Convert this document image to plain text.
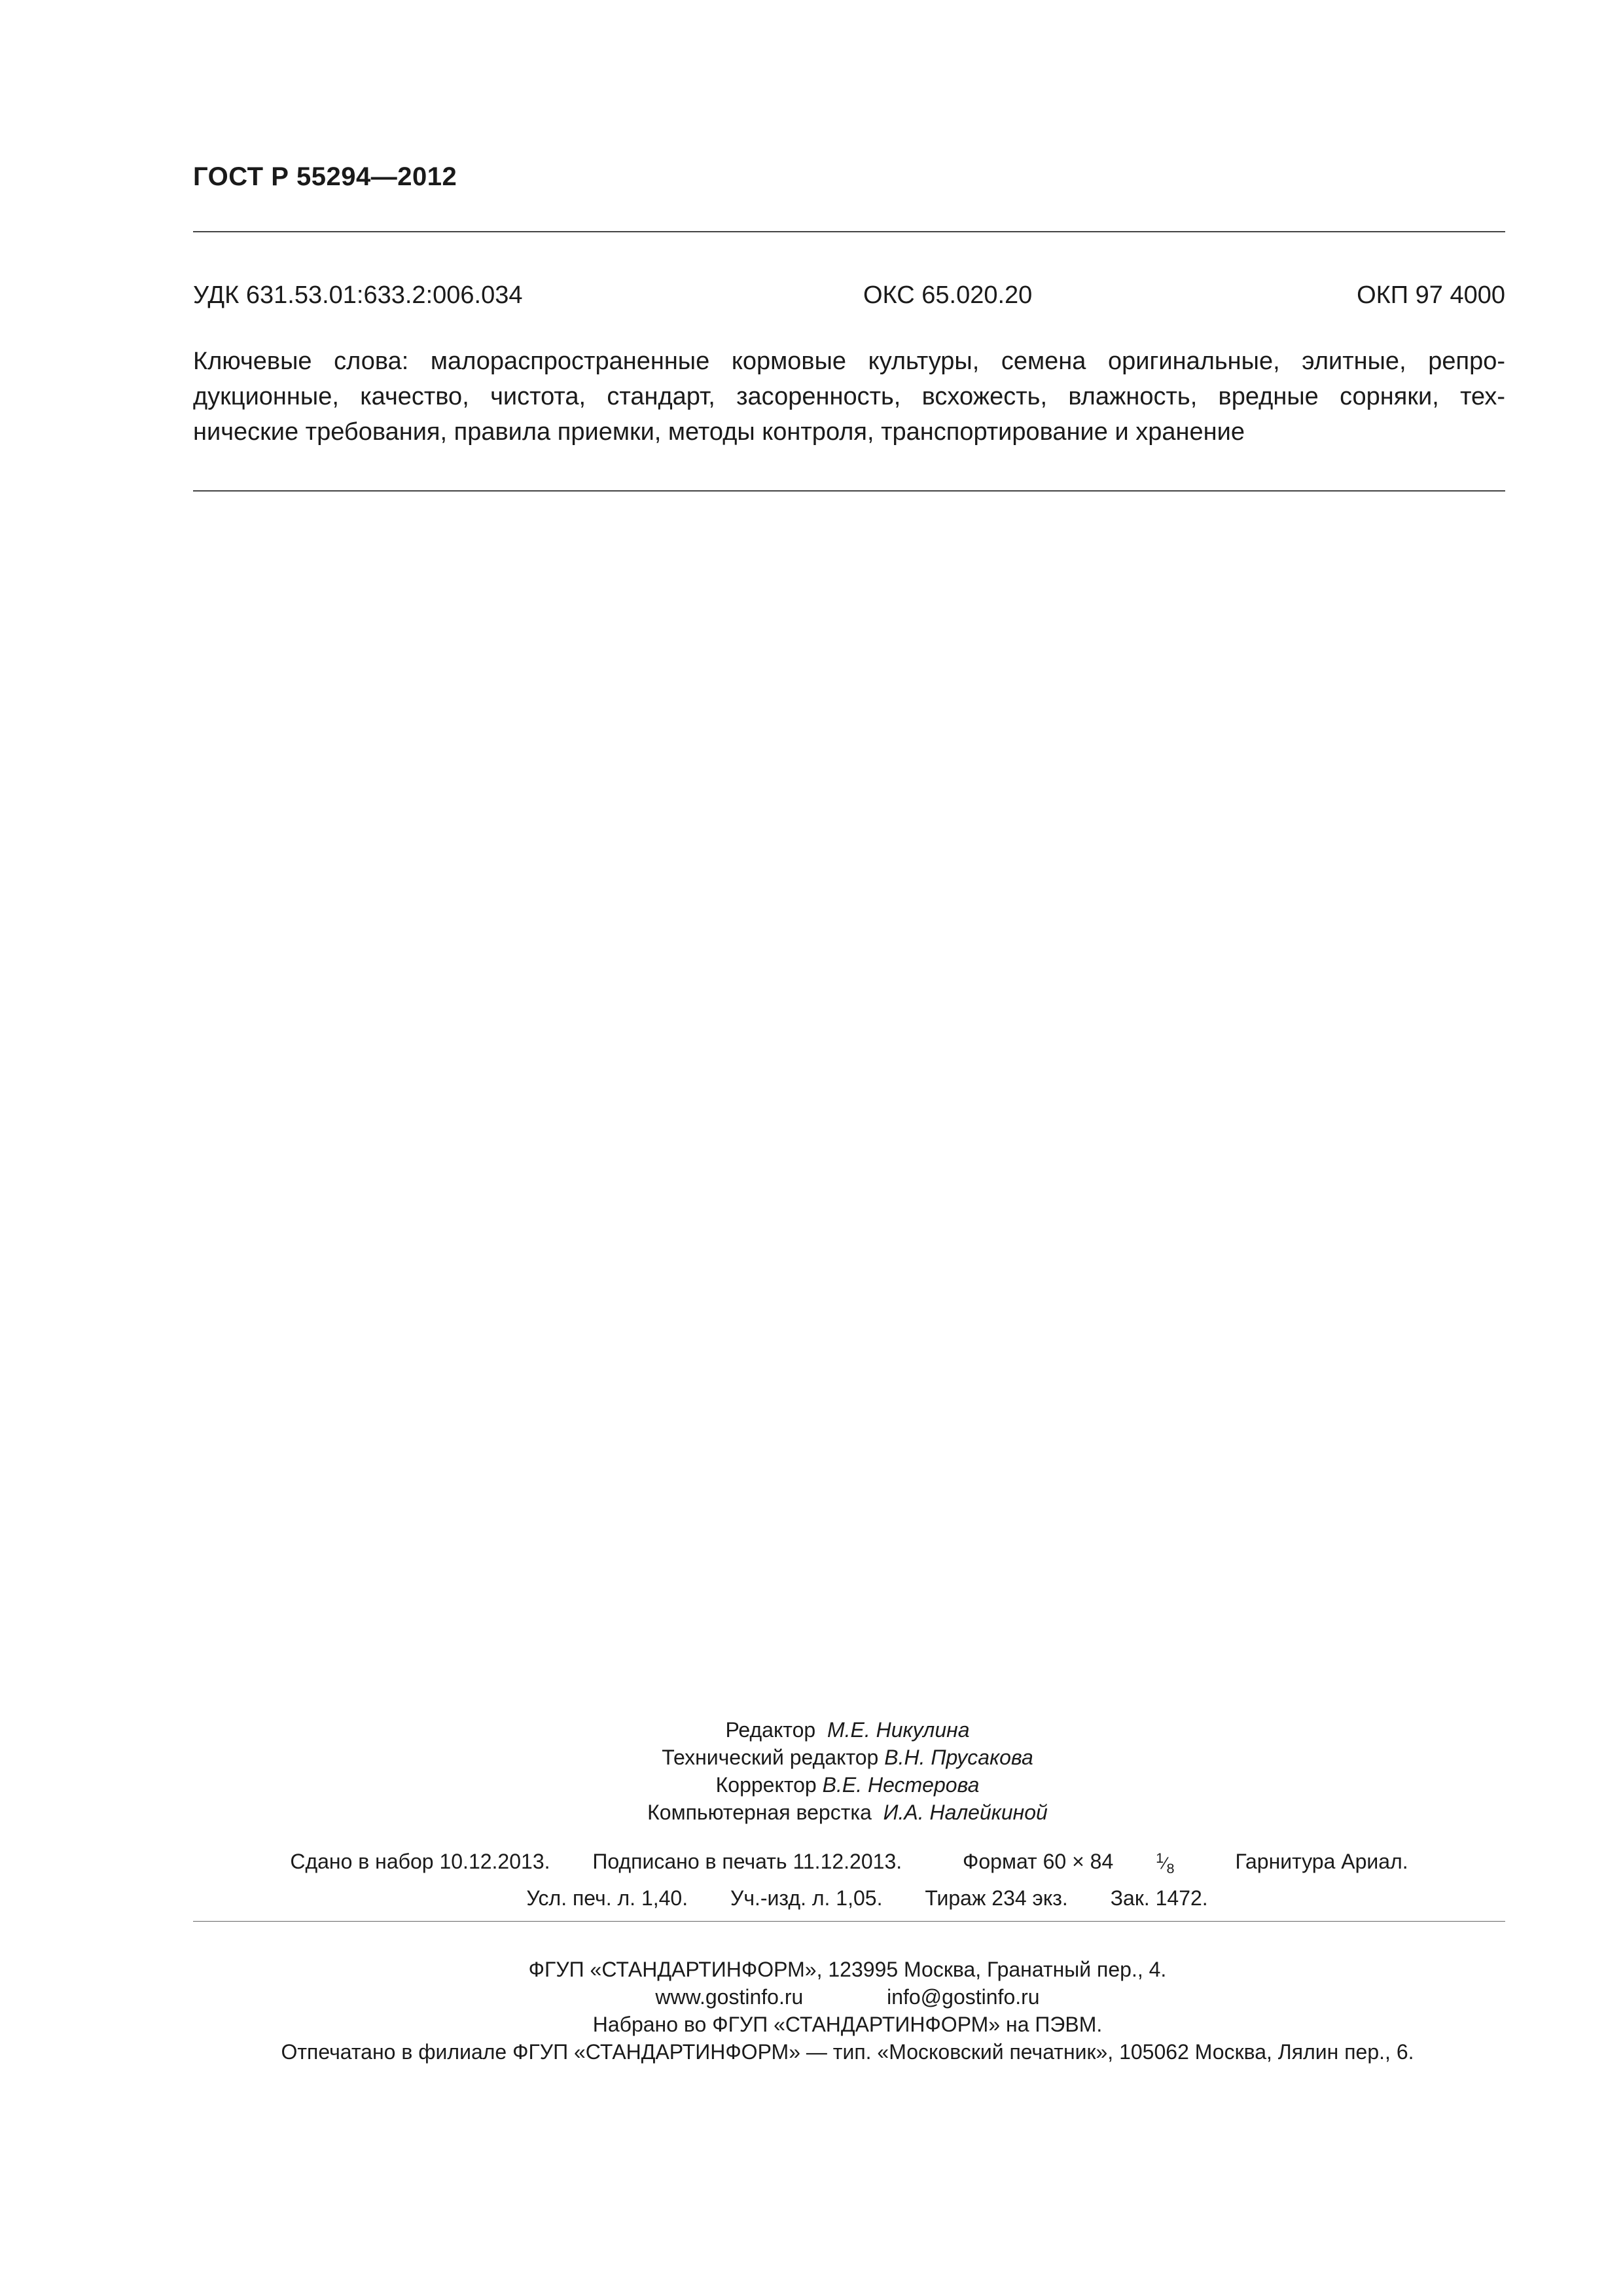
ГОСТ Р 55294—2012
УДК 631.53.01:633.2:006.034	ОКС 65.020.20	ОКП 97 4000
Ключевые слова: малораспространенные кормовые культуры, семена оригинальные, элитные, репро-
дукционные, качество, чистота, стандарт, засоренность, всхожесть, влажность, вредные сорняки, тех-
нические требования, правила приемки, методы контроля, транспортирование и хранение
Редактор М.Е. Никулина
Технический редактор В.Н. Прусакова
Корректор В.Е. Нестерова
Компьютерная верстка И.А. Налейкиной
Сдано в набор 10.12.2013. Подписано в печать 11.12.2013.	Формат 60 × 84	$^1⁄_8$	Гарнитура Ариал.
Усл. печ. л. 1,40. Уч.-изд. л. 1,05. Тираж 234 экз. Зак. 1472.
ФГУП «СТАНДАРТИНФОРМ», 123995 Москва, Гранатный пер., 4.
www.gostinfo.ru	info@gostinfo.ru
Набрано во ФГУП «СТАНДАРТИНФОРМ» на ПЭВМ.
Отпечатано в филиале ФГУП «СТАНДАРТИНФОРМ» — тип. «Московский печатник», 105062 Москва, Лялин пер., 6.
